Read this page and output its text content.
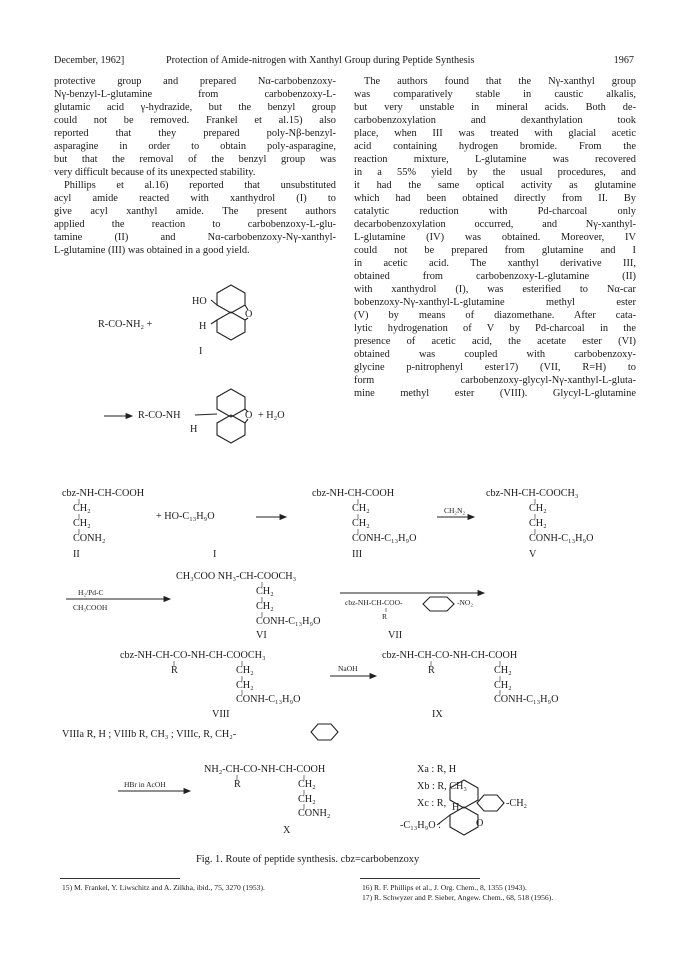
December, 1962]	Protection of Amide-nitrogen with Xanthyl Group during Peptide Synthesis	1967
protective group and prepared Nα-carbobenzoxy-
Nγ-benzyl-L-glutamine from carbobenzoxy-L-
glutamic acid γ-hydrazide, but the benzyl group
could not be removed. Frankel et al.15) also
reported that they prepared poly-Nβ-benzyl-
asparagine in order to obtain poly-asparagine,
but that the removal of the benzyl group was
very difficult because of its unexpected stability.
Phillips et al.16) reported that unsubstituted
acyl amide reacted with xanthydrol (I) to
give acyl xanthyl amide. The present authors
applied the reaction to carbobenzoxy-L-glu-
tamine (II) and Nα-carbobenzoxy-Nγ-xanthyl-
L-glutamine (III) was obtained in a good yield.
The authors found that the Nγ-xanthyl group
was comparatively stable in caustic alkalis,
but very unstable in mineral acids. Both de-
carbobenzoxylation and dexanthylation took
place, when III was treated with glacial acetic
acid containing hydrogen bromide. From the
reaction mixture, L-glutamine was recovered
in a 55% yield by the usual procedures, and
it had the same optical activity as glutamine
which had been obtained directly from II. By
catalytic reduction with Pd-charcoal only
decarbobenzoxylation occurred, and Nγ-xanthyl-
L-glutamine (IV) was obtained. Moreover, IV
could not be prepared from glutamine and I
in acetic acid. The xanthyl derivative III,
obtained from carbobenzoxy-L-glutamine (II)
with xanthydrol (I), was esterified to Nα-car
bobenzoxy-Nγ-xanthyl-L-glutamine methyl ester
(V) by means of diazomethane. After cata-
lytic hydrogenation of V by Pd-charcoal in the
presence of acetic acid, the acetate ester (VI)
obtained was coupled with carbobenzoxy-
glycine p-nitrophenyl ester17) (VII, R=H) to
form carbobenzoxy-glycyl-Nγ-xanthyl-L-gluta-
mine methyl ester (VIII). Glycyl-L-glutamine
R-CO-NH₂ +
HO
H
O
I
R-CO-NH
H
O + H₂O
cbz-NH-CH-COOH
CH₂
CH₂
CONH₂
II
+ HO-C₁₃H₉O
I
cbz-NH-CH-COOH
CH₂
CH₂
CONH-C₁₃H₉O
III
CH₂N₂
cbz-NH-CH-COOCH₃
CH₂
CH₂
CONH-C₁₃H₉O
V
CH₃COO NH₃-CH-COOCH₃
H₂/Pd-C
CH₃COOH
CH₂
CH₂
CONH-C₁₃H₉O
VI
cbz-NH-CH-COO-	-NO₂
R
VII
cbz-NH-CH-CO-NH-CH-COOCH₃
R	CH₂
CH₂
CONH-C₁₃H₉O
VIII
NaOH
cbz-NH-CH-CO-NH-CH-COOH
R	CH₂
CH₂
CONH-C₁₃H₉O
IX
VIIIa R, H ; VIIIb R, CH₃ ; VIIIc, R, CH₂-
NH₂-CH-CO-NH-CH-COOH
HBr in AcOH	R	CH₂
CH₂
CONH₂
X
Xa : R, H
Xb : R, CH₃
Xc : R,	-CH₂
-C₁₃H₉O :
H
O
Fig. 1. Route of peptide synthesis. cbz=carbobenzoxy
15) M. Frankel, Y. Liwschitz and A. Zilkha, ibid., 75, 3270 (1953).	16) R. F. Phillips et al., J. Org. Chem., 8, 1355 (1943).
17) R. Schwyzer and P. Sieber, Angew. Chem., 68, 518 (1956).
